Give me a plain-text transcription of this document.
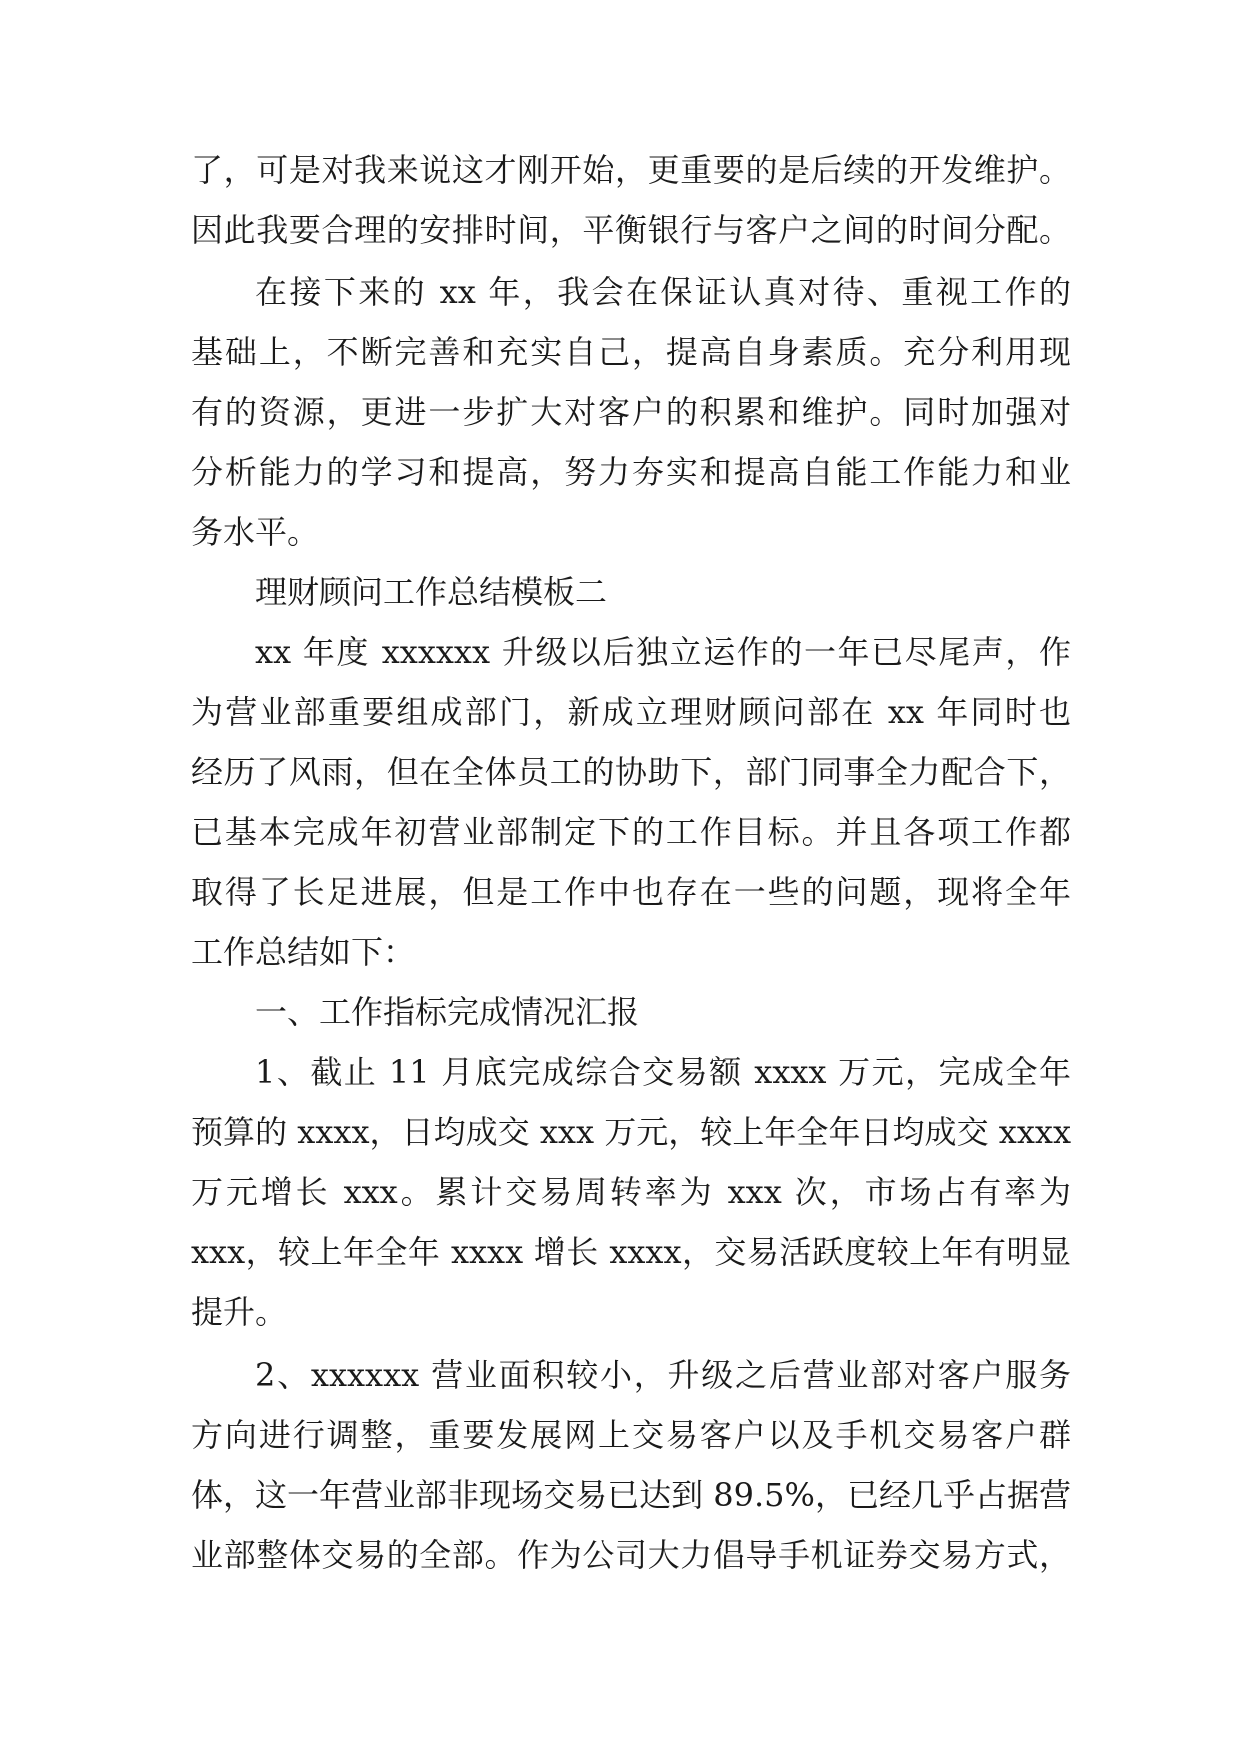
了，可是对我来说这才刚开始，更重要的是后续的开发维护。
因此我要合理的安排时间，平衡银行与客户之间的时间分配。
在接下来的 xx 年，我会在保证认真对待、重视工作的
基础上，不断完善和充实自己，提高自身素质。充分利用现
有的资源，更进一步扩大对客户的积累和维护。同时加强对
分析能力的学习和提高，努力夯实和提高自能工作能力和业
务水平。
理财顾问工作总结模板二
xx 年度 xxxxxx 升级以后独立运作的一年已尽尾声，作
为营业部重要组成部门，新成立理财顾问部在 xx 年同时也
经历了风雨，但在全体员工的协助下，部门同事全力配合下，
已基本完成年初营业部制定下的工作目标。并且各项工作都
取得了长足进展，但是工作中也存在一些的问题，现将全年
工作总结如下：
一、工作指标完成情况汇报
1、截止 11 月底完成综合交易额 xxxx 万元，完成全年
预算的 xxxx，日均成交 xxx 万元，较上年全年日均成交 xxxx
万元增长 xxx。累计交易周转率为 xxx 次，市场占有率为
xxx，较上年全年 xxxx 增长 xxxx，交易活跃度较上年有明显
提升。
2、xxxxxx 营业面积较小，升级之后营业部对客户服务
方向进行调整，重要发展网上交易客户以及手机交易客户群
体，这一年营业部非现场交易已达到 89.5%，已经几乎占据营
业部整体交易的全部。作为公司大力倡导手机证券交易方式，
